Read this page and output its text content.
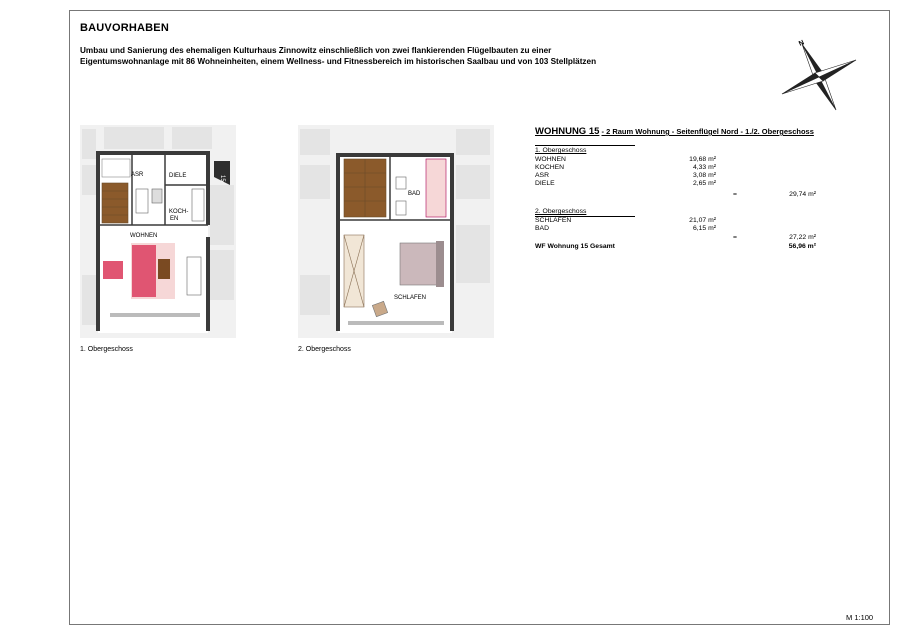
BAUVORHABEN
Umbau und Sanierung des ehemaligen Kulturhaus Zinnowitz einschließlich von zwei flankierenden Flügelbauten zu einer
Eigentumswohnanlage mit 86 Wohneinheiten, einem Wellness- und Fitnessbereich im historischen Saalbau und von 103 Stellplätzen
N
15
ASR	DIELE
KOCH-
EN
WOHNEN
BAD
SCHLAFEN
1. Obergeschoss	2. Obergeschoss
WOHNUNG 15 - 2 Raum Wohnung - Seitenflügel Nord - 1./2. Obergeschoss
1. Obergeschoss
WOHNEN	19,68 m²
KOCHEN	4,33 m²
ASR	3,08 m²
DIELE	2,65 m²
=	29,74 m²
2. Obergeschoss
SCHLAFEN	21,07 m²
BAD	6,15 m²
=	27,22 m²
WF Wohnung 15 Gesamt	56,96 m²
M 1:100
